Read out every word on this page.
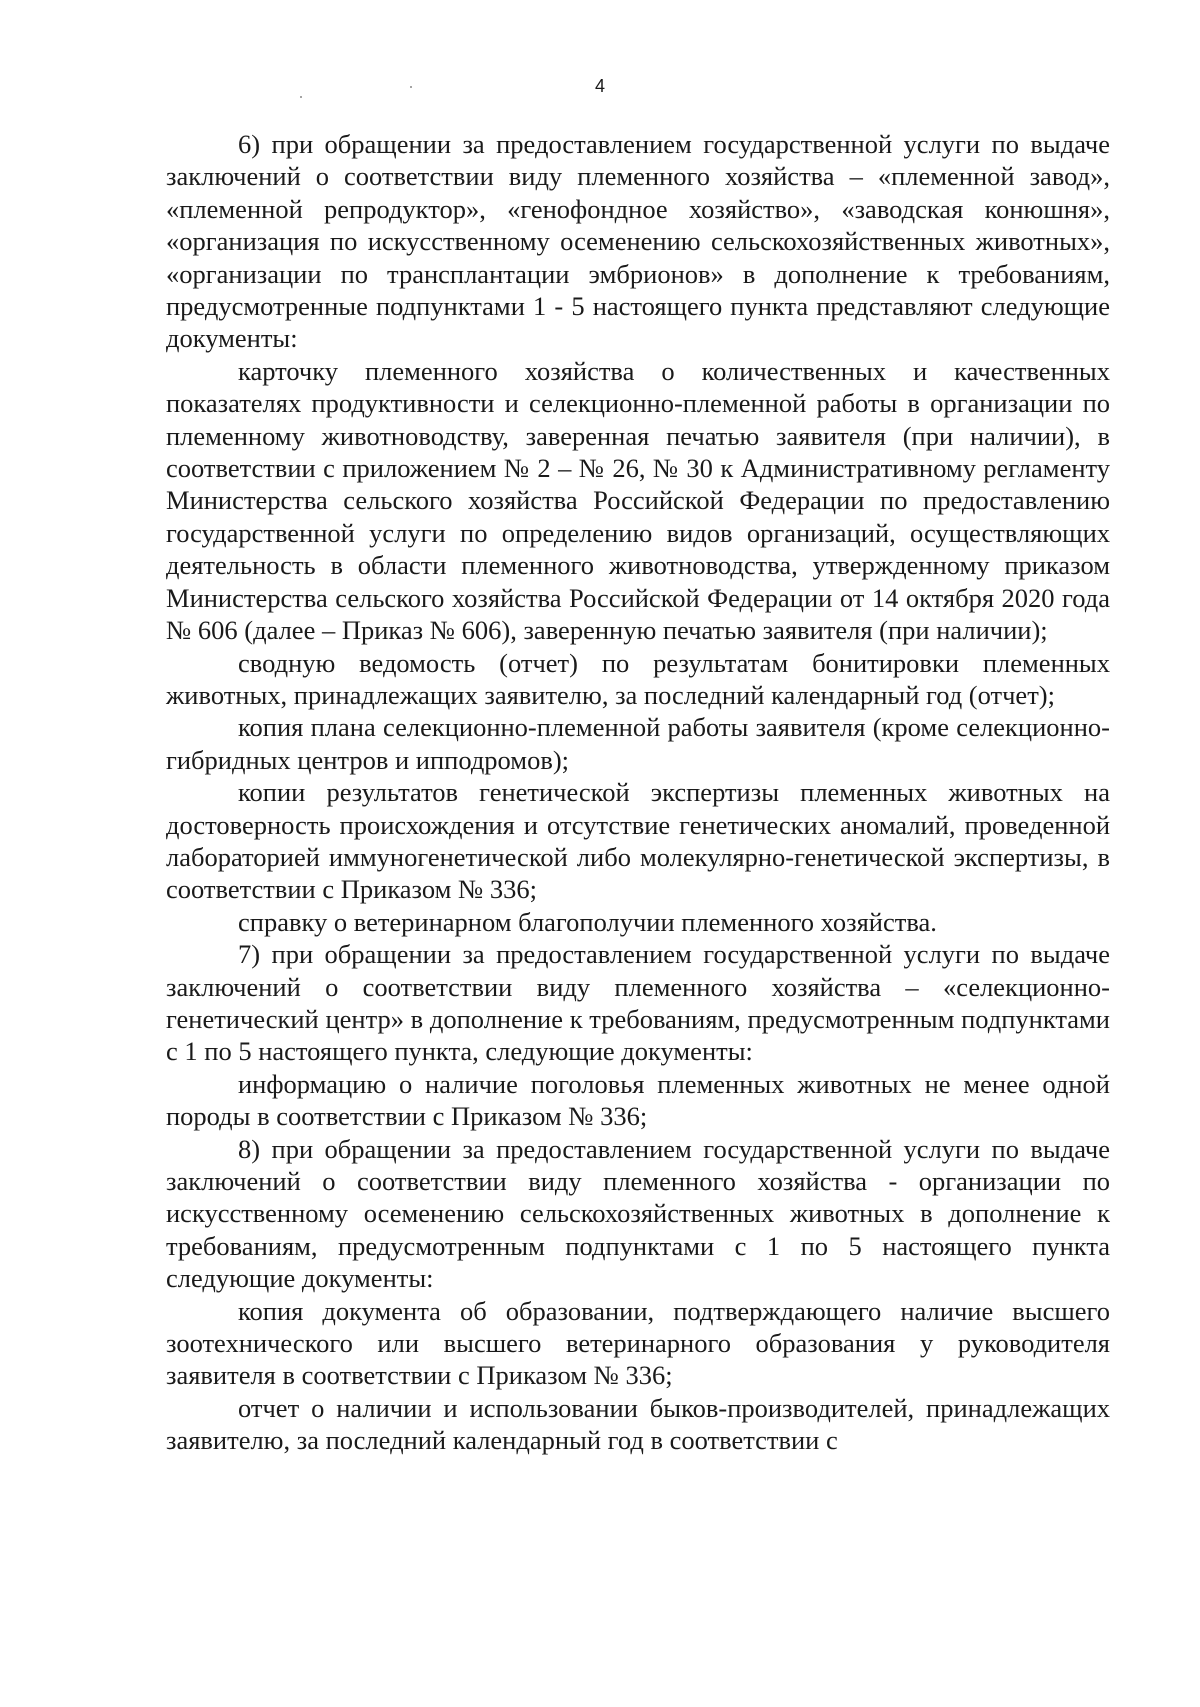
4

6) при обращении за предоставлением государственной услуги по выдаче заключений о соответствии виду племенного хозяйства – «племенной завод», «племенной репродуктор», «генофондное хозяйство», «заводская конюшня», «организация по искусственному осеменению сельскохозяйственных животных», «организации по трансплантации эмбрионов» в дополнение к требованиям, предусмотренные подпунктами 1 - 5 настоящего пункта представляют следующие документы:

карточку племенного хозяйства о количественных и качественных показателях продуктивности и селекционно-племенной работы в организации по племенному животноводству, заверенная печатью заявителя (при наличии), в соответствии с приложением № 2 – № 26, № 30 к Административному регламенту Министерства сельского хозяйства Российской Федерации по предоставлению государственной услуги по определению видов организаций, осуществляющих деятельность в области племенного животноводства, утвержденному приказом Министерства сельского хозяйства Российской Федерации от 14 октября 2020 года № 606 (далее – Приказ № 606), заверенную печатью заявителя (при наличии);

сводную ведомость (отчет) по результатам бонитировки племенных животных, принадлежащих заявителю, за последний календарный год (отчет);

копия плана селекционно-племенной работы заявителя (кроме селекционно-гибридных центров и ипподромов);

копии результатов генетической экспертизы племенных животных на достоверность происхождения и отсутствие генетических аномалий, проведенной лабораторией иммуногенетической либо молекулярно-генетической экспертизы, в соответствии с Приказом № 336;

справку о ветеринарном благополучии племенного хозяйства.

7) при обращении за предоставлением государственной услуги по выдаче заключений о соответствии виду племенного хозяйства – «селекционно-генетический центр» в дополнение к требованиям, предусмотренным подпунктами с 1 по 5 настоящего пункта, следующие документы:

информацию о наличие поголовья племенных животных не менее одной породы в соответствии с Приказом № 336;

8) при обращении за предоставлением государственной услуги по выдаче заключений о соответствии виду племенного хозяйства - организации по искусственному осеменению сельскохозяйственных животных в дополнение к требованиям, предусмотренным подпунктами с 1 по 5 настоящего пункта следующие документы:

копия документа об образовании, подтверждающего наличие высшего зоотехнического или высшего ветеринарного образования у руководителя заявителя в соответствии с Приказом № 336;

отчет о наличии и использовании быков-производителей, принадлежащих заявителю, за последний календарный год в соответствии с
